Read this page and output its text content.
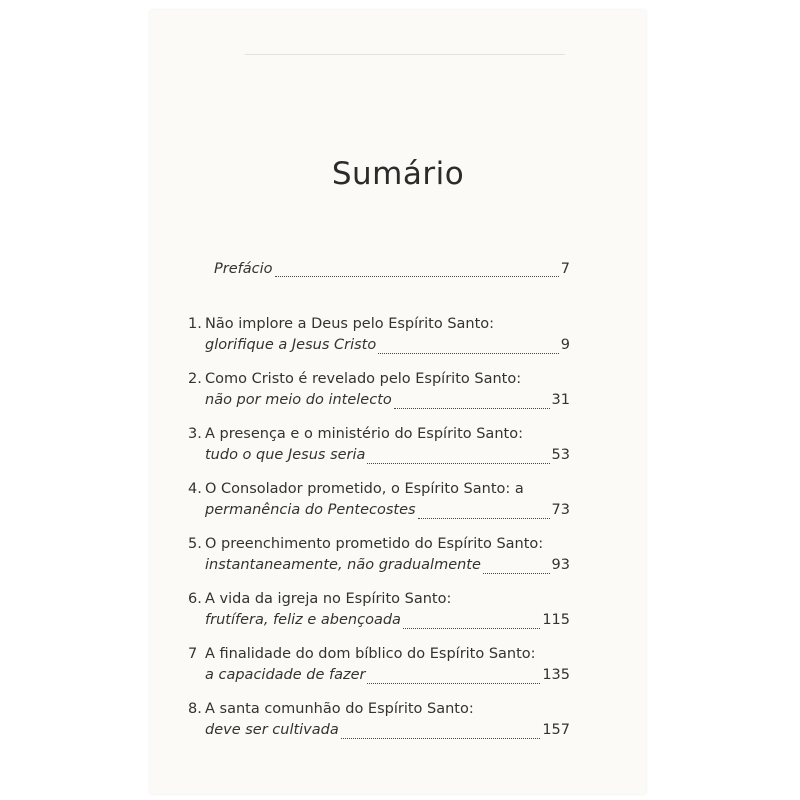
Sumário
Prefácio	7
1. Não implore a Deus pelo Espírito Santo:
glorifique a Jesus Cristo	9
2. Como Cristo é revelado pelo Espírito Santo:
não por meio do intelecto	31
3. A presença e o ministério do Espírito Santo:
tudo o que Jesus seria	53
4. O Consolador prometido, o Espírito Santo: a
permanência do Pentecostes	73
5. O preenchimento prometido do Espírito Santo:
instantaneamente, não gradualmente	93
6. A vida da igreja no Espírito Santo:
frutífera, feliz e abençoada	115
7 A finalidade do dom bíblico do Espírito Santo:
a capacidade de fazer	135
8. A santa comunhão do Espírito Santo:
deve ser cultivada	157
